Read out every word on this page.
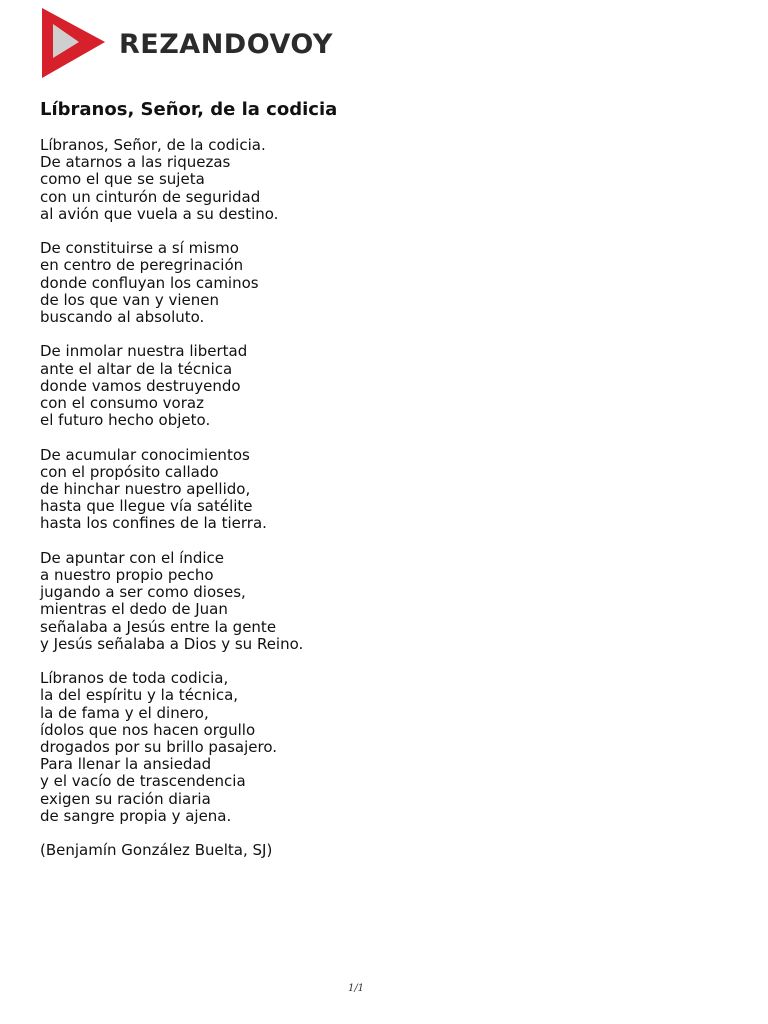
REZANDOVOY
Líbranos, Señor, de la codicia

Líbranos, Señor, de la codicia.
De atarnos a las riquezas
como el que se sujeta
con un cinturón de seguridad
al avión que vuela a su destino.

De constituirse a sí mismo
en centro de peregrinación
donde confluyan los caminos
de los que van y vienen
buscando al absoluto.

De inmolar nuestra libertad
ante el altar de la técnica
donde vamos destruyendo
con el consumo voraz
el futuro hecho objeto.

De acumular conocimientos
con el propósito callado
de hinchar nuestro apellido,
hasta que llegue vía satélite
hasta los confines de la tierra.

De apuntar con el índice
a nuestro propio pecho
jugando a ser como dioses,
mientras el dedo de Juan
señalaba a Jesús entre la gente
y Jesús señalaba a Dios y su Reino.

Líbranos de toda codicia,
la del espíritu y la técnica,
la de fama y el dinero,
ídolos que nos hacen orgullo
drogados por su brillo pasajero.
Para llenar la ansiedad
y el vacío de trascendencia
exigen su ración diaria
de sangre propia y ajena.

(Benjamín González Buelta, SJ)
1/1
